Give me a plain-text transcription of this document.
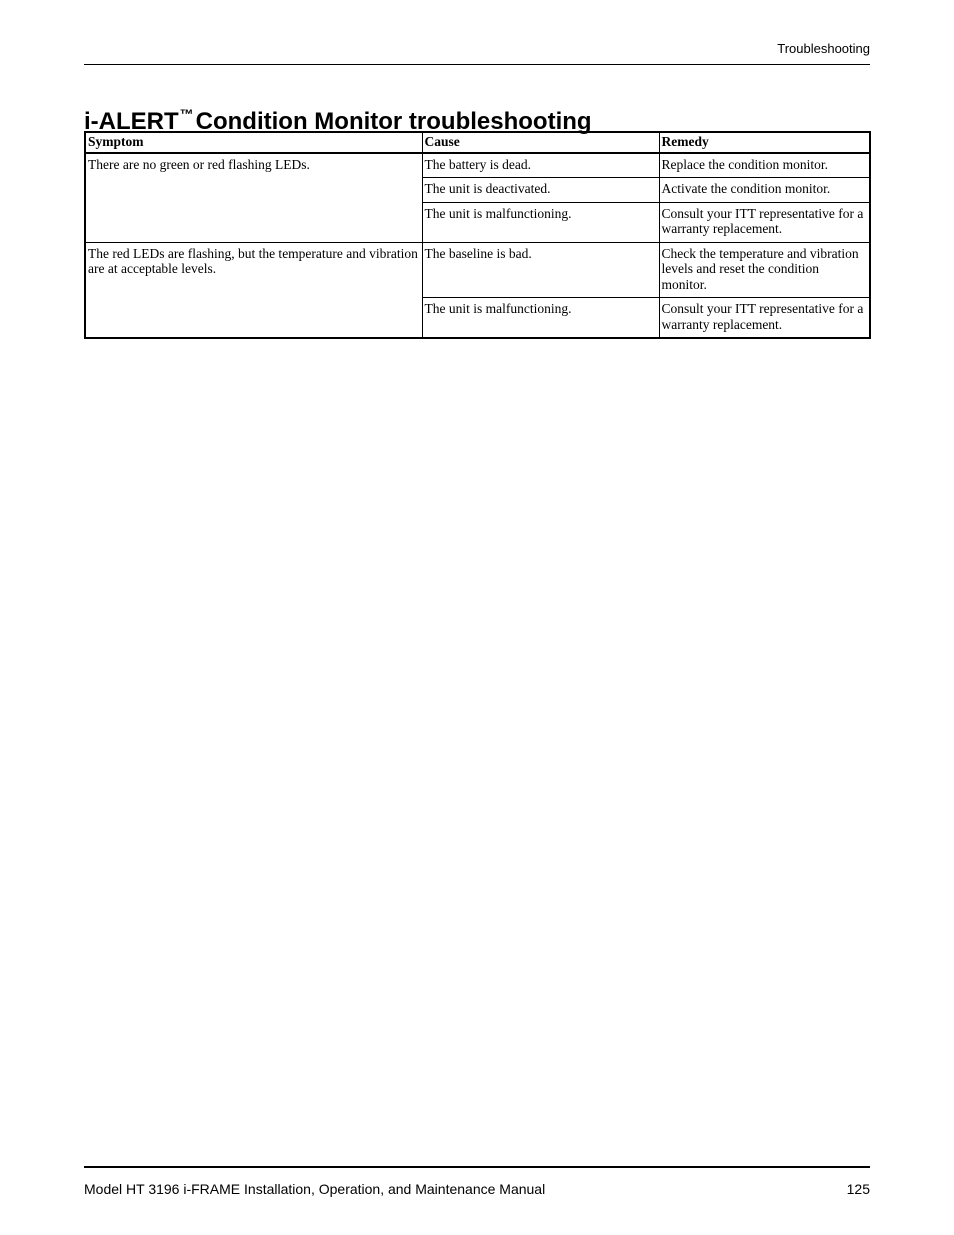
Troubleshooting
i-ALERT™Condition Monitor troubleshooting
Symptom	Cause	Remedy
There are no green or red flashing LEDs.	The battery is dead.	Replace the condition monitor.
	The unit is deactivated.	Activate the condition monitor.
	The unit is malfunctioning.	Consult your ITT representative for a warranty replacement.
The red LEDs are flashing, but the temperature and vibration are at acceptable levels.	The baseline is bad.	Check the temperature and vibration levels and reset the condition monitor.
	The unit is malfunctioning.	Consult your ITT representative for a warranty replacement.
Model HT 3196 i-FRAME Installation, Operation, and Maintenance Manual	125
